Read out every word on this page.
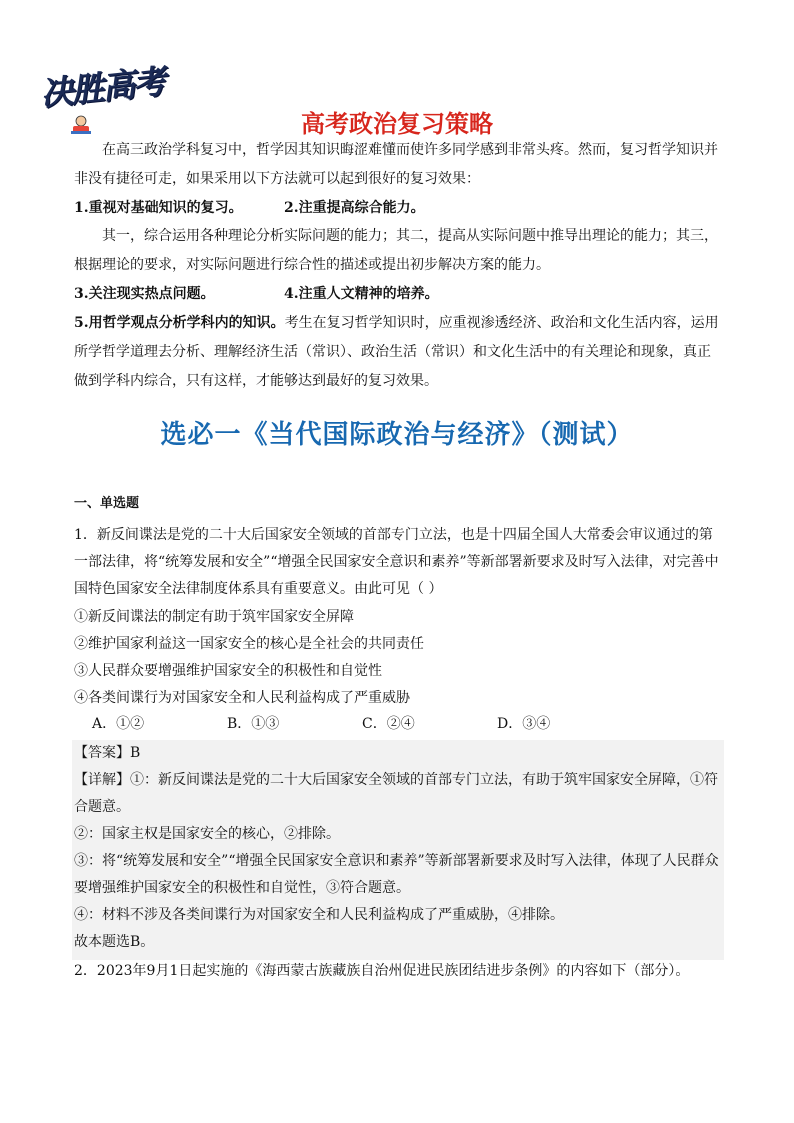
决胜高考
高考政治复习策略

在高三政治学科复习中，哲学因其知识晦涩难懂而使许多同学感到非常头疼。然而，复习哲学知识并非没有捷径可走，如果采用以下方法就可以起到很好的复习效果：

1.重视对基础知识的复习。	2.注重提高综合能力。

其一，综合运用各种理论分析实际问题的能力；其二，提高从实际问题中推导出理论的能力；其三，根据理论的要求，对实际问题进行综合性的描述或提出初步解决方案的能力。

3.关注现实热点问题。	4.注重人文精神的培养。

5.用哲学观点分析学科内的知识。考生在复习哲学知识时，应重视渗透经济、政治和文化生活内容，运用所学哲学道理去分析、理解经济生活（常识）、政治生活（常识）和文化生活中的有关理论和现象，真正做到学科内综合，只有这样，才能够达到最好的复习效果。

选必一《当代国际政治与经济》（测试）
一、单选题

1．新反间谍法是党的二十大后国家安全领域的首部专门立法，也是十四届全国人大常委会审议通过的第一部法律，将“统筹发展和安全”“增强全民国家安全意识和素养”等新部署新要求及时写入法律，对完善中国特色国家安全法律制度体系具有重要意义。由此可见（ ）

①新反间谍法的制定有助于筑牢国家安全屏障
②维护国家利益这一国家安全的核心是全社会的共同责任
③人民群众要增强维护国家安全的积极性和自觉性
④各类间谍行为对国家安全和人民利益构成了严重威胁
A．①②	B．①③	C．②④	D．③④

【答案】B

【详解】①：新反间谍法是党的二十大后国家安全领域的首部专门立法，有助于筑牢国家安全屏障，①符合题意。

②：国家主权是国家安全的核心，②排除。

③：将“统筹发展和安全”“增强全民国家安全意识和素养”等新部署新要求及时写入法律，体现了人民群众要增强维护国家安全的积极性和自觉性，③符合题意。

④：材料不涉及各类间谍行为对国家安全和人民利益构成了严重威胁，④排除。

故本题选B。

2．2023年9月1日起实施的《海西蒙古族藏族自治州促进民族团结进步条例》的内容如下（部分）。
